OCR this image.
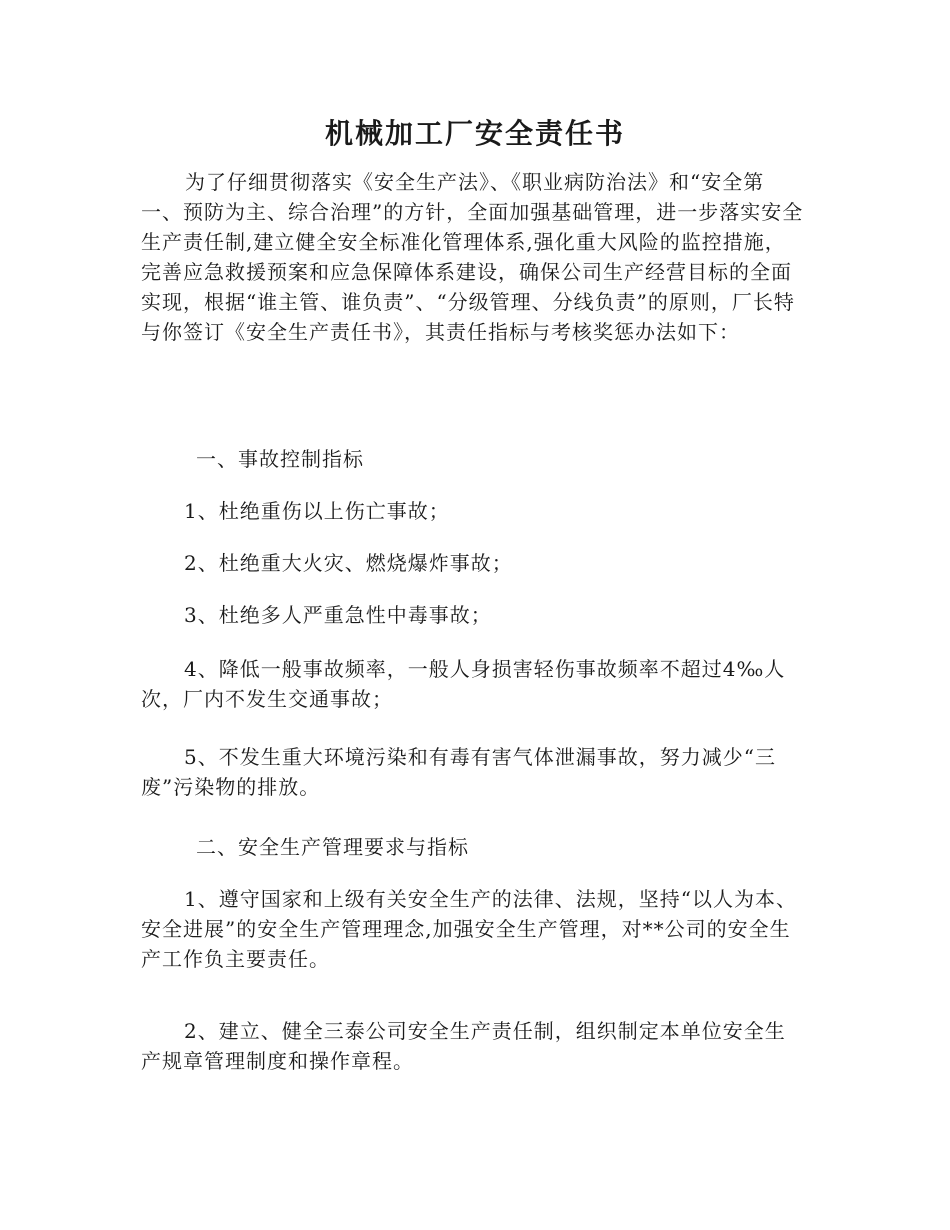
机械加工厂安全责任书

为了仔细贯彻落实《安全生产法》、《职业病防治法》和“安全第一、预防为主、综合治理”的方针，全面加强基础管理，进一步落实安全生产责任制,建立健全安全标准化管理体系,强化重大风险的监控措施，完善应急救援预案和应急保障体系建设，确保公司生产经营目标的全面实现，根据“谁主管、谁负责”、“分级管理、分线负责”的原则，厂长特与你签订《安全生产责任书》，其责任指标与考核奖惩办法如下：

一、事故控制指标
1、杜绝重伤以上伤亡事故；
2、杜绝重大火灾、燃烧爆炸事故；
3、杜绝多人严重急性中毒事故；

4、降低一般事故频率，一般人身损害轻伤事故频率不超过4‰人次，厂内不发生交通事故；

5、不发生重大环境污染和有毒有害气体泄漏事故，努力减少“三废”污染物的排放。

二、安全生产管理要求与指标

1、遵守国家和上级有关安全生产的法律、法规，坚持“以人为本、安全进展”的安全生产管理理念,加强安全生产管理，对**公司的安全生产工作负主要责任。

2、建立、健全三泰公司安全生产责任制，组织制定本单位安全生产规章管理制度和操作章程。
